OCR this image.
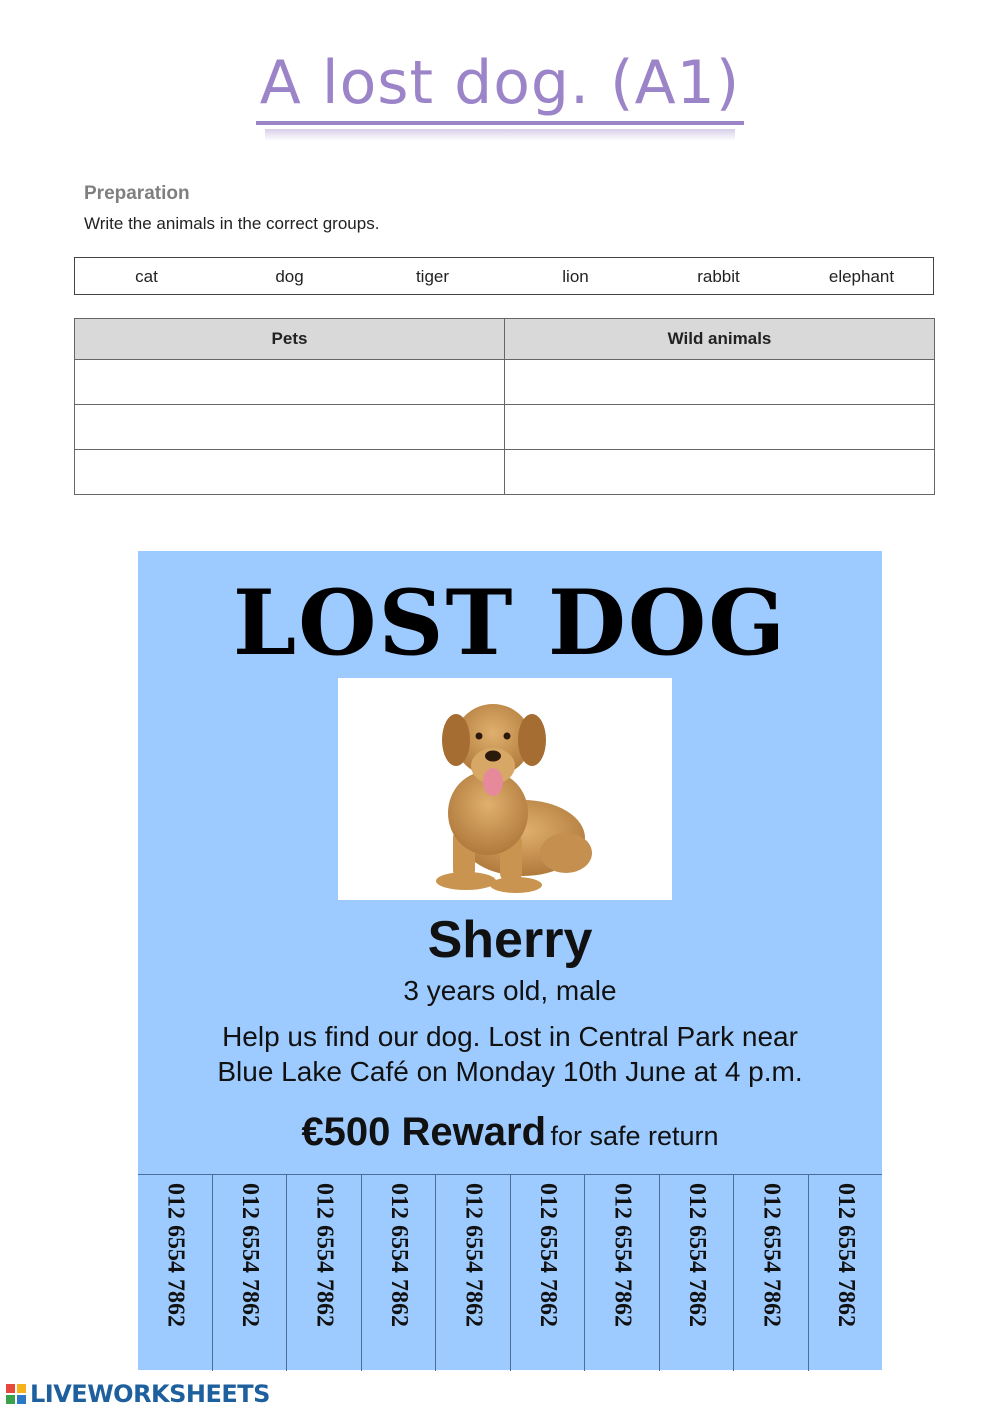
A lost dog. (A1)
Preparation
Write the animals in the correct groups.
cat	dog	tiger	lion	rabbit	elephant
Pets	Wild animals

LOST DOG
Sherry
3 years old, male
Help us find our dog. Lost in Central Park near
Blue Lake Café on Monday 10th June at 4 p.m.
€500 Reward for safe return
012 6554 7862 012 6554 7862 012 6554 7862 012 6554 7862 012 6554 7862 012 6554 7862 012 6554 7862 012 6554 7862 012 6554 7862 012 6554 7862
LIVEWORKSHEETS
